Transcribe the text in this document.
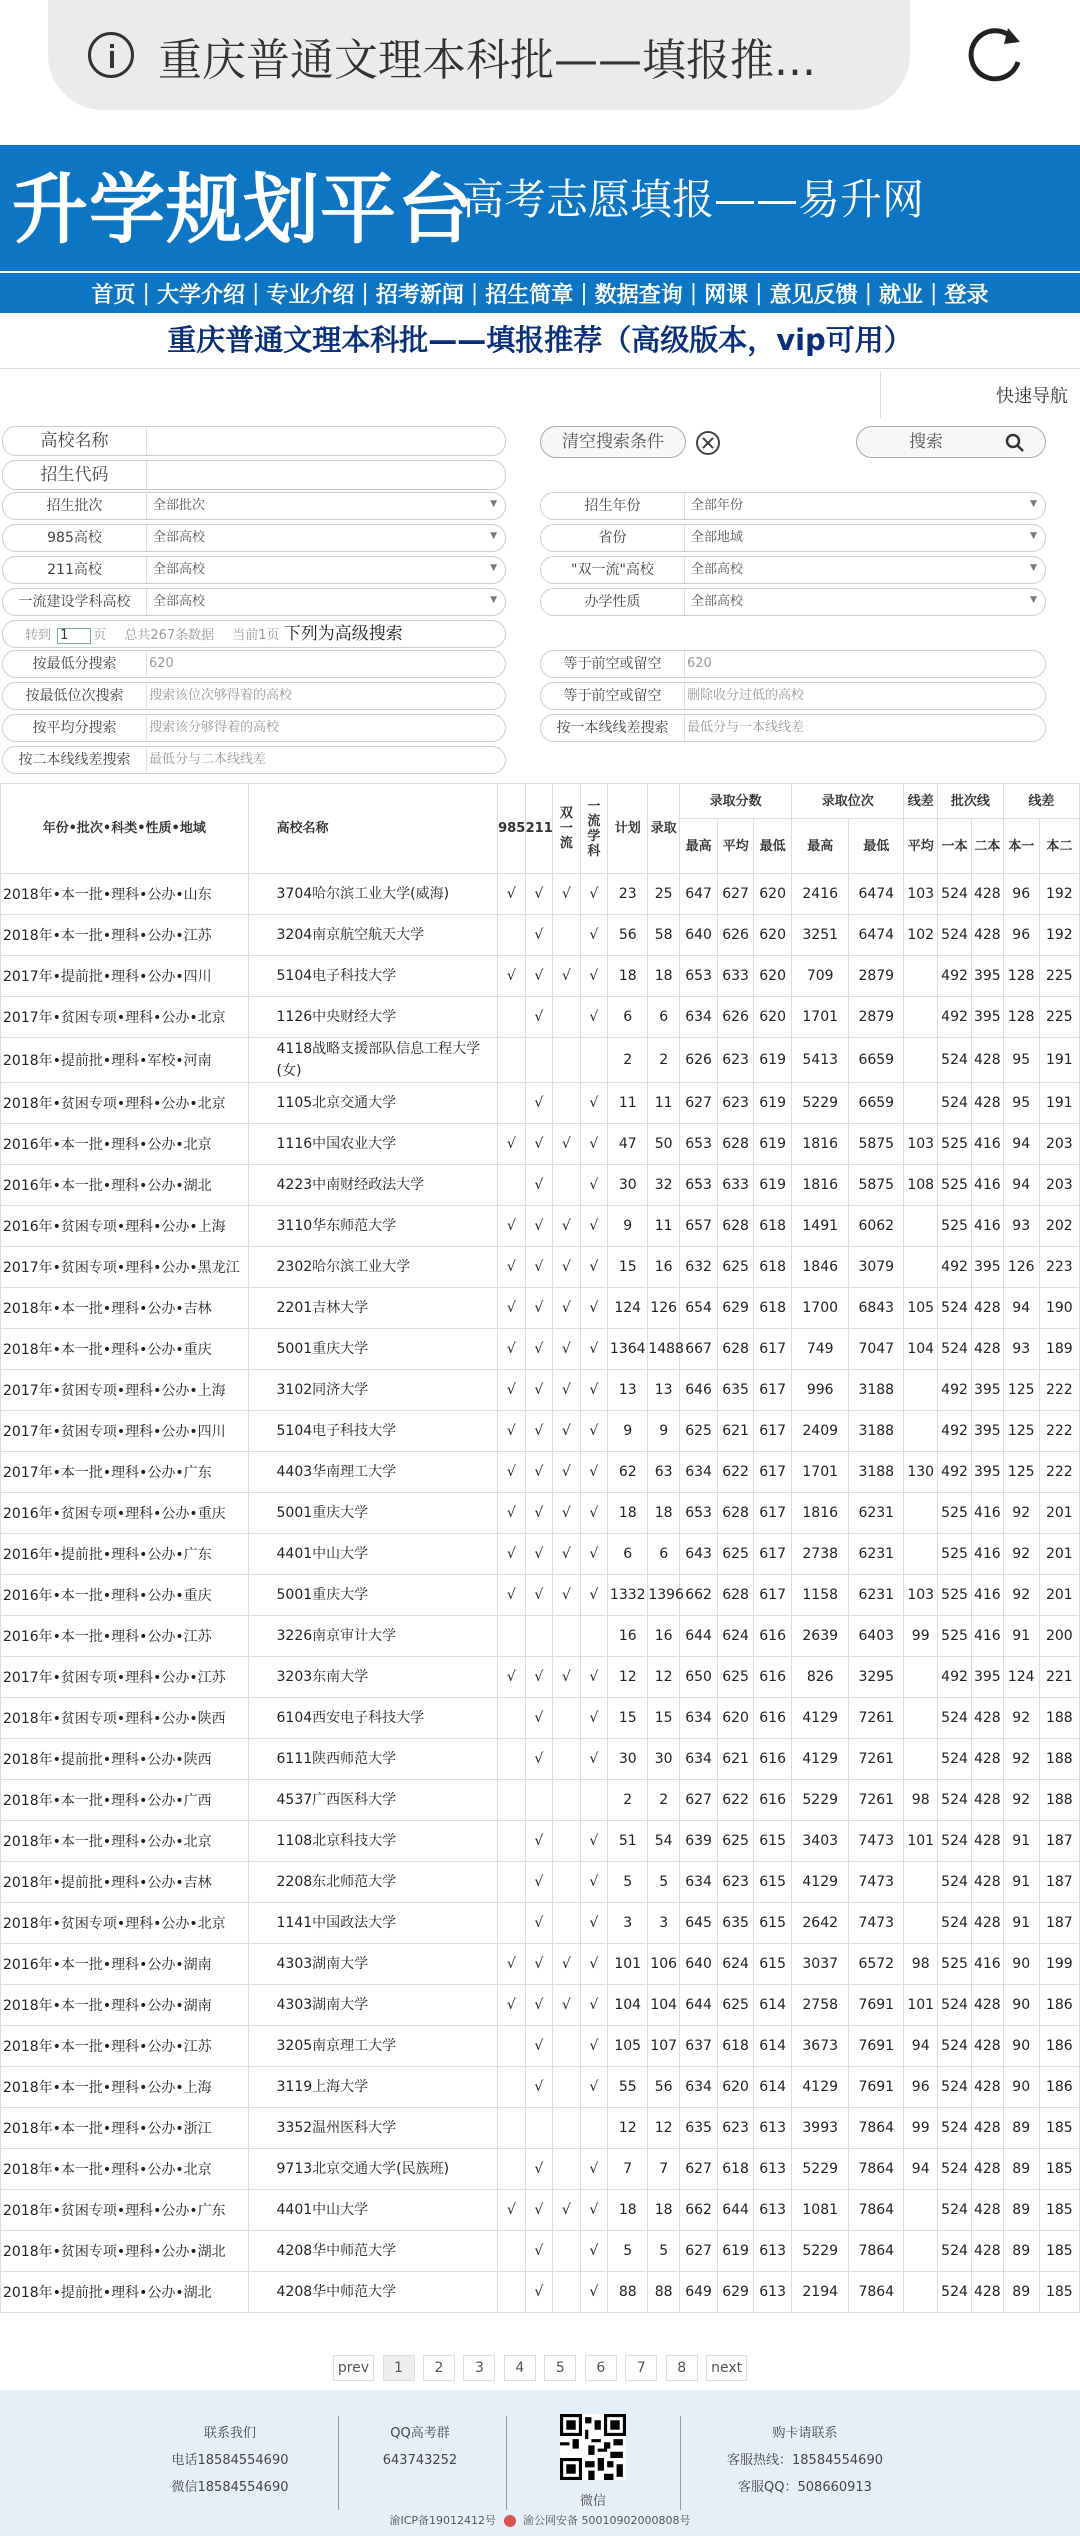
重庆普通文理本科批——填报推...
升学规划平台
高考志愿填报——易升网
首页 | 大学介绍 | 专业介绍 | 招考新闻 | 招生简章 | 数据查询 | 网课 | 意见反馈 | 就业 | 登录
重庆普通文理本科批——填报推荐（高级版本，vip可用）
快速导航
高校名称
招生代码
清空搜索条件	搜索
招生批次	全部批次	▼	招生年份	全部年份	▼
985高校	全部高校	▼	省份	全部地域	▼
211高校	全部高校	▼	"双一流"高校	全部高校	▼
一流建设学科高校	全部高校	▼	办学性质	全部高校	▼
转到 1 页 总共267条数据 当前1页 下列为高级搜索
按最低分搜索	620	等于前空或留空	620
按最低位次搜索	搜索该位次够得着的高校	等于前空或留空	删除收分过低的高校
按平均分搜索	搜索该分够得着的高校	按一本线线差搜索	最低分与一本线线差
按二本线线差搜索	最低分与二本线线差
年份•批次•科类•性质•地域	高校名称	985	211	双一流	一流学科	计划	录取	录取分数			录取位次		线差	批次线		线差	
								最高	平均	最低	最高	最低	平均	一本	二本	本一	本二
2018年•本一批•理科•公办•山东	3704哈尔滨工业大学(威海)	√	√	√	√	23	25	647	627	620	2416	6474	103	524	428	96	192
2018年•本一批•理科•公办•江苏	3204南京航空航天大学		√		√	56	58	640	626	620	3251	6474	102	524	428	96	192
2017年•提前批•理科•公办•四川	5104电子科技大学	√	√	√	√	18	18	653	633	620	709	2879		492	395	128	225
2017年•贫困专项•理科•公办•北京	1126中央财经大学		√		√	6	6	634	626	620	1701	2879		492	395	128	225
2018年•提前批•理科•军校•河南	4118战略支援部队信息工程大学(女)					2	2	626	623	619	5413	6659		524	428	95	191
2018年•贫困专项•理科•公办•北京	1105北京交通大学		√		√	11	11	627	623	619	5229	6659		524	428	95	191
2016年•本一批•理科•公办•北京	1116中国农业大学	√	√	√	√	47	50	653	628	619	1816	5875	103	525	416	94	203
2016年•本一批•理科•公办•湖北	4223中南财经政法大学		√		√	30	32	653	633	619	1816	5875	108	525	416	94	203
2016年•贫困专项•理科•公办•上海	3110华东师范大学	√	√	√	√	9	11	657	628	618	1491	6062		525	416	93	202
2017年•贫困专项•理科•公办•黑龙江	2302哈尔滨工业大学	√	√	√	√	15	16	632	625	618	1846	3079		492	395	126	223
2018年•本一批•理科•公办•吉林	2201吉林大学	√	√	√	√	124	126	654	629	618	1700	6843	105	524	428	94	190
2018年•本一批•理科•公办•重庆	5001重庆大学	√	√	√	√	1364	1488	667	628	617	749	7047	104	524	428	93	189
2017年•贫困专项•理科•公办•上海	3102同济大学	√	√	√	√	13	13	646	635	617	996	3188		492	395	125	222
2017年•贫困专项•理科•公办•四川	5104电子科技大学	√	√	√	√	9	9	625	621	617	2409	3188		492	395	125	222
2017年•本一批•理科•公办•广东	4403华南理工大学	√	√	√	√	62	63	634	622	617	1701	3188	130	492	395	125	222
2016年•贫困专项•理科•公办•重庆	5001重庆大学	√	√	√	√	18	18	653	628	617	1816	6231		525	416	92	201
2016年•提前批•理科•公办•广东	4401中山大学	√	√	√	√	6	6	643	625	617	2738	6231		525	416	92	201
2016年•本一批•理科•公办•重庆	5001重庆大学	√	√	√	√	1332	1396	662	628	617	1158	6231	103	525	416	92	201
2016年•本一批•理科•公办•江苏	3226南京审计大学					16	16	644	624	616	2639	6403	99	525	416	91	200
2017年•贫困专项•理科•公办•江苏	3203东南大学	√	√	√	√	12	12	650	625	616	826	3295		492	395	124	221
2018年•贫困专项•理科•公办•陕西	6104西安电子科技大学		√		√	15	15	634	620	616	4129	7261		524	428	92	188
2018年•提前批•理科•公办•陕西	6111陕西师范大学		√		√	30	30	634	621	616	4129	7261		524	428	92	188
2018年•本一批•理科•公办•广西	4537广西医科大学					2	2	627	622	616	5229	7261	98	524	428	92	188
2018年•本一批•理科•公办•北京	1108北京科技大学		√		√	51	54	639	625	615	3403	7473	101	524	428	91	187
2018年•提前批•理科•公办•吉林	2208东北师范大学		√		√	5	5	634	623	615	4129	7473		524	428	91	187
2018年•贫困专项•理科•公办•北京	1141中国政法大学		√		√	3	3	645	635	615	2642	7473		524	428	91	187
2016年•本一批•理科•公办•湖南	4303湖南大学	√	√	√	√	101	106	640	624	615	3037	6572	98	525	416	90	199
2018年•本一批•理科•公办•湖南	4303湖南大学	√	√	√	√	104	104	644	625	614	2758	7691	101	524	428	90	186
2018年•本一批•理科•公办•江苏	3205南京理工大学		√		√	105	107	637	618	614	3673	7691	94	524	428	90	186
2018年•本一批•理科•公办•上海	3119上海大学		√		√	55	56	634	620	614	4129	7691	96	524	428	90	186
2018年•本一批•理科•公办•浙江	3352温州医科大学					12	12	635	623	613	3993	7864	99	524	428	89	185
2018年•本一批•理科•公办•北京	9713北京交通大学(民族班)		√		√	7	7	627	618	613	5229	7864	94	524	428	89	185
2018年•贫困专项•理科•公办•广东	4401中山大学	√	√	√	√	18	18	662	644	613	1081	7864		524	428	89	185
2018年•贫困专项•理科•公办•湖北	4208华中师范大学		√		√	5	5	627	619	613	5229	7864		524	428	89	185
2018年•提前批•理科•公办•湖北	4208华中师范大学		√		√	88	88	649	629	613	2194	7864		524	428	89	185
prev 1 2 3 4 5 6 7 8 next
联系我们
电话18584554690
微信18584554690
QQ高考群
643743252
微信
购卡请联系
客服热线：18584554690
客服QQ：508660913
渝ICP备19012412号 渝公网安备 50010902000808号
